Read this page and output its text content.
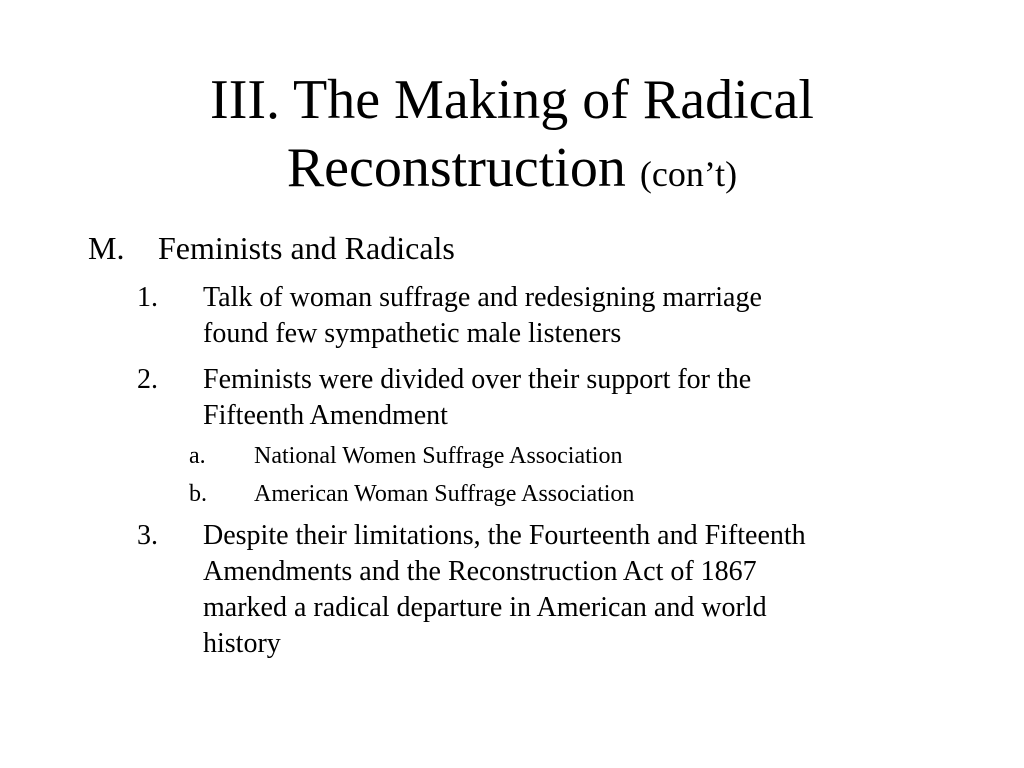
III. The Making of Radical
Reconstruction (con’t)
M. Feminists and Radicals
1. Talk of woman suffrage and redesigning marriage
found few sympathetic male listeners
2. Feminists were divided over their support for the
Fifteenth Amendment
a. National Women Suffrage Association
b. American Woman Suffrage Association
3. Despite their limitations, the Fourteenth and Fifteenth
Amendments and the Reconstruction Act of 1867
marked a radical departure in American and world
history
